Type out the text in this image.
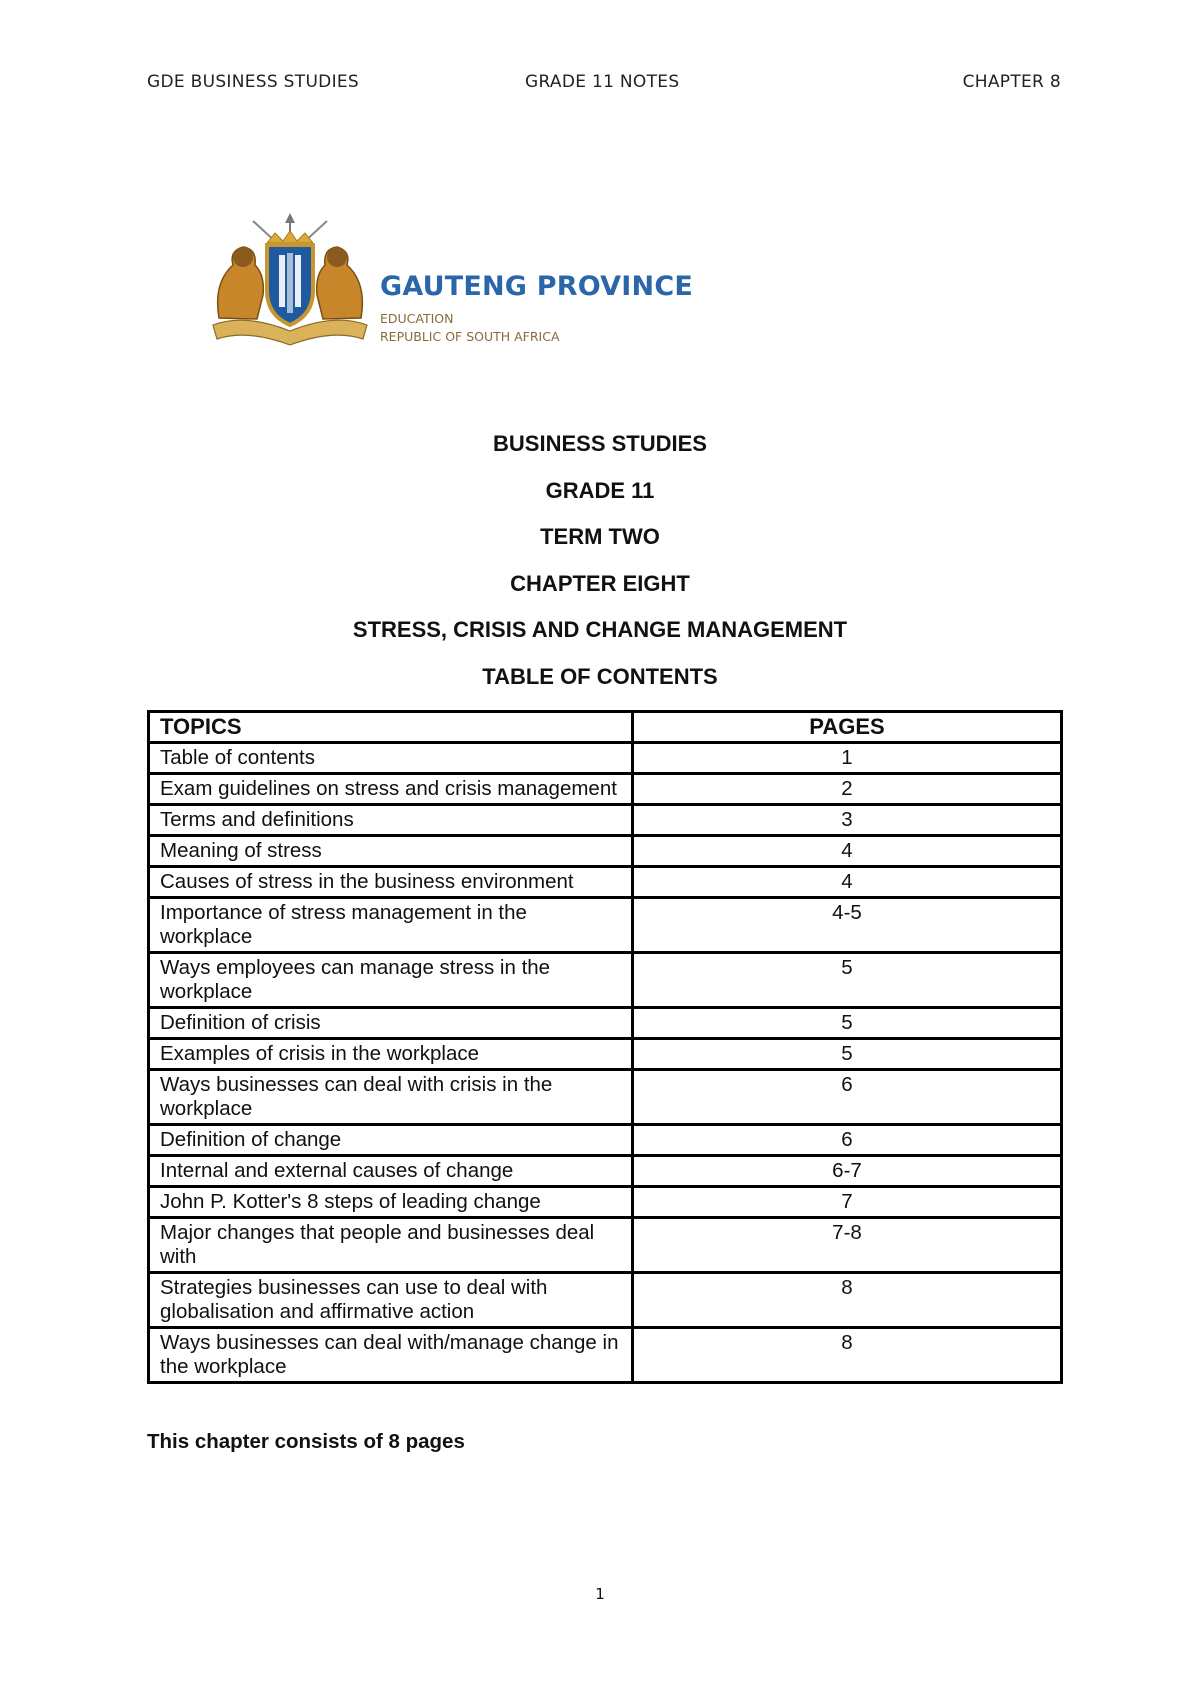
GDE BUSINESS STUDIES	GRADE 11 NOTES	CHAPTER 8
GAUTENG PROVINCE
EDUCATION
REPUBLIC OF SOUTH AFRICA
BUSINESS STUDIES
GRADE 11
TERM TWO
CHAPTER EIGHT
STRESS, CRISIS AND CHANGE MANAGEMENT
TABLE OF CONTENTS
TOPICS	PAGES
Table of contents	1
Exam guidelines on stress and crisis management	2
Terms and definitions	3
Meaning of stress	4
Causes of stress in the business environment	4
Importance of stress management in the workplace	4-5
Ways employees can manage stress in the workplace	5
Definition of crisis	5
Examples of crisis in the workplace	5
Ways businesses can deal with crisis in the workplace	6
Definition of change	6
Internal and external causes of change	6-7
John P. Kotter's 8 steps of leading change	7
Major changes that people and businesses deal with	7-8
Strategies businesses can use to deal with globalisation and affirmative action	8
Ways businesses can deal with/manage change in the workplace	8
This chapter consists of 8 pages
1
